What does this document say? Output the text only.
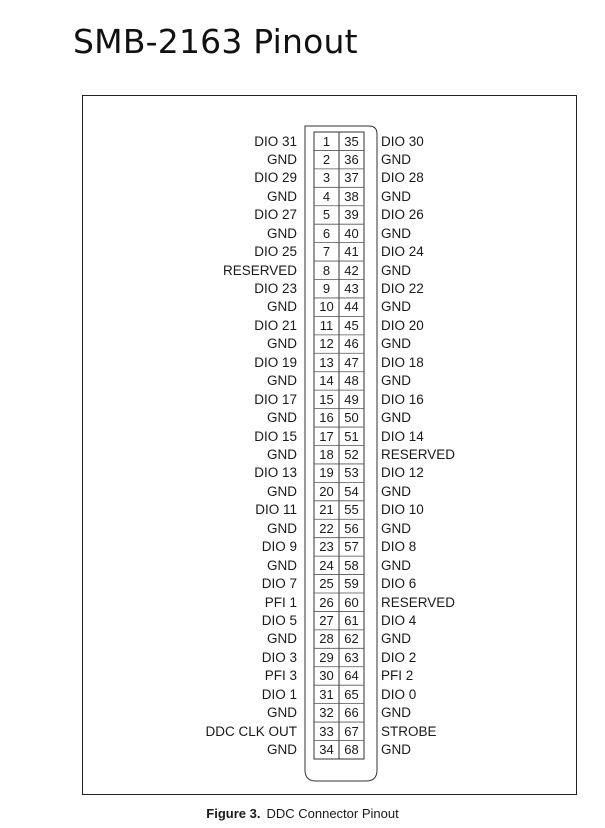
SMB-2163 Pinout
DIO 31	1	35	DIO 30
GND	2	36	GND
DIO 29	3	37	DIO 28
GND	4	38	GND
DIO 27	5	39	DIO 26
GND	6	40	GND
DIO 25	7	41	DIO 24
RESERVED	8	42	GND
DIO 23	9	43	DIO 22
GND	10 44	GND
DIO 21	11 45	DIO 20
GND	12 46	GND
DIO 19	13 47	DIO 18
GND	14 48	GND
DIO 17	15 49	DIO 16
GND	16 50	GND
DIO 15	17 51	DIO 14
GND	18 52	RESERVED
DIO 13	19 53	DIO 12
GND	20 54	GND
DIO 11	21 55	DIO 10
GND	22 56	GND
DIO 9	23 57	DIO 8
GND	24 58	GND
DIO 7	25 59	DIO 6
PFI 1	26 60	RESERVED
DIO 5	27 61	DIO 4
GND	28 62	GND
DIO 3	29 63	DIO 2
PFI 3	30 64	PFI 2
DIO 1	31 65	DIO 0
GND	32 66	GND
DDC CLK OUT	33 67	STROBE
GND	34 68	GND
Figure 3. DDC Connector Pinout
